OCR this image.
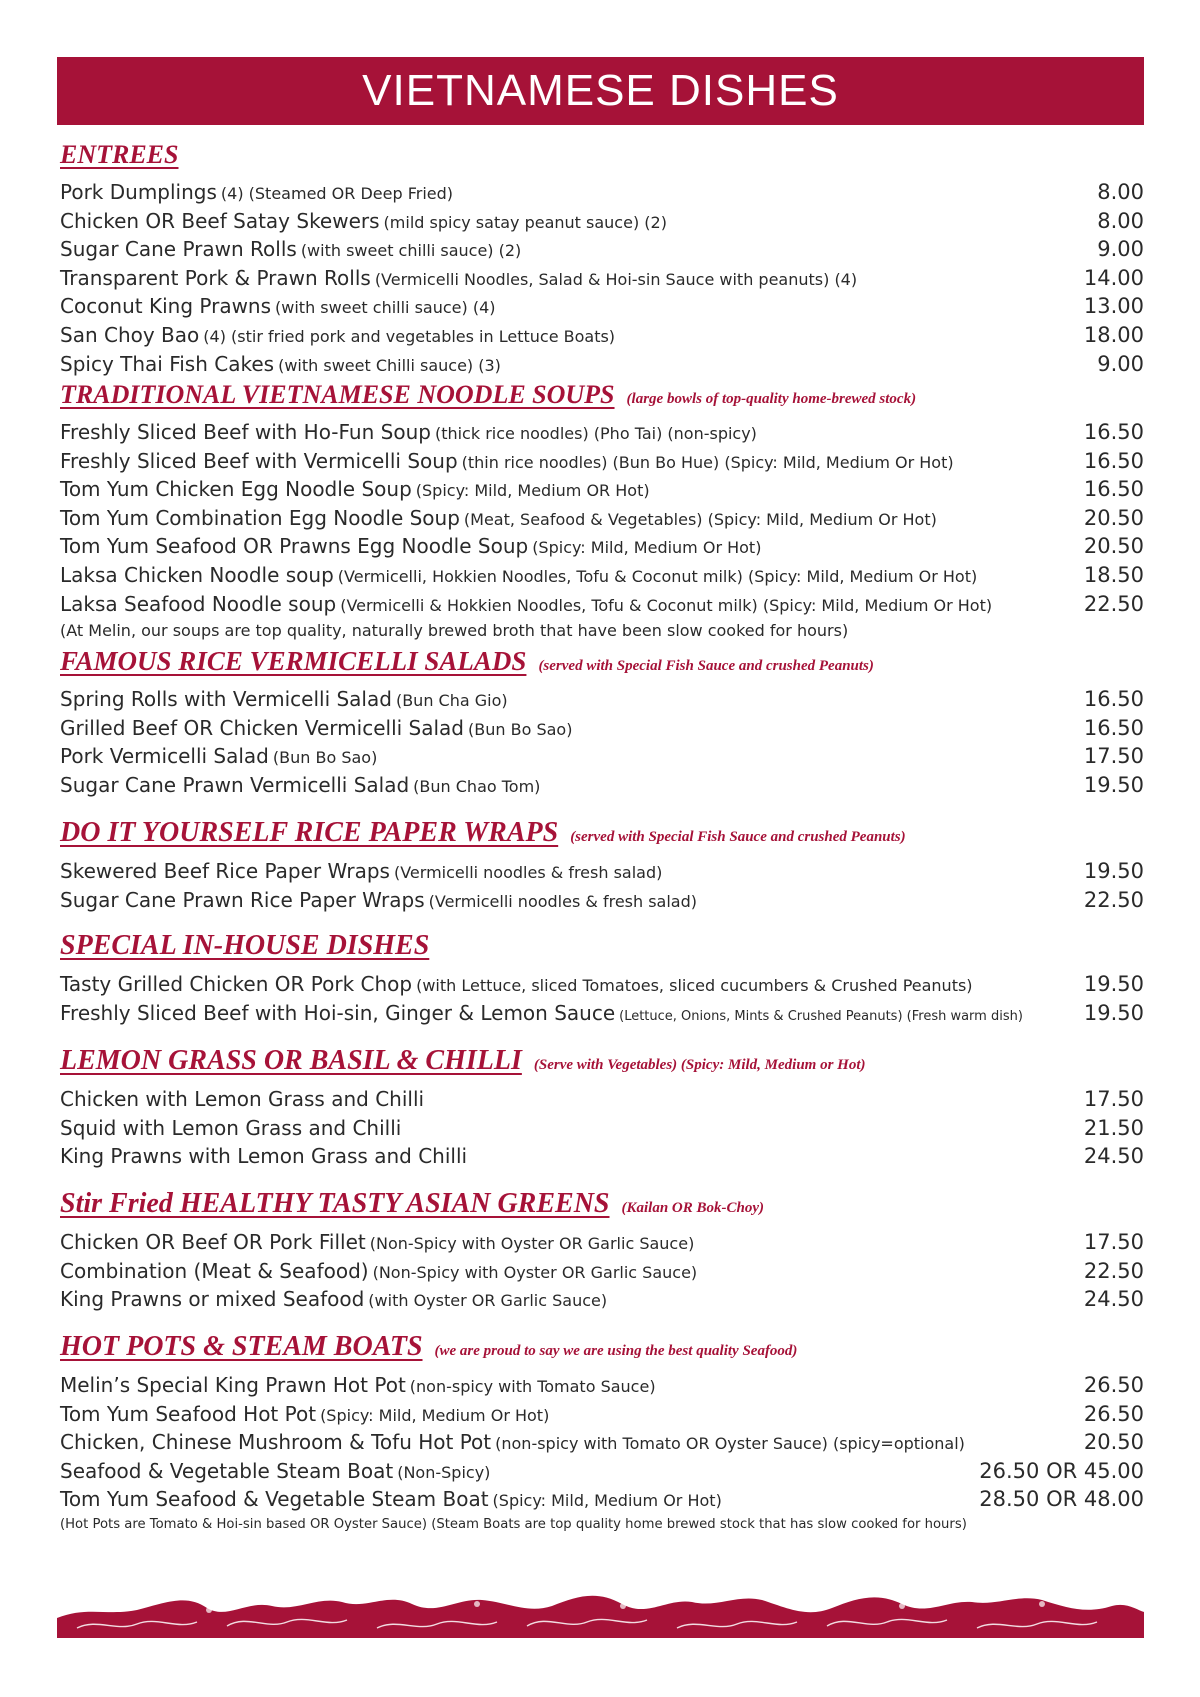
VIETNAMESE DISHES
ENTREES
Pork Dumplings (4) (Steamed OR Deep Fried)	8.00
Chicken OR Beef Satay Skewers (mild spicy satay peanut sauce) (2)	8.00
Sugar Cane Prawn Rolls (with sweet chilli sauce) (2)	9.00
Transparent Pork & Prawn Rolls (Vermicelli Noodles, Salad & Hoi-sin Sauce with peanuts) (4)	14.00
Coconut King Prawns (with sweet chilli sauce) (4)	13.00
San Choy Bao (4) (stir fried pork and vegetables in Lettuce Boats)	18.00
Spicy Thai Fish Cakes (with sweet Chilli sauce) (3)	9.00
TRADITIONAL VIETNAMESE NOODLE SOUPS (large bowls of top-quality home-brewed stock)
Freshly Sliced Beef with Ho-Fun Soup (thick rice noodles) (Pho Tai) (non-spicy)	16.50
Freshly Sliced Beef with Vermicelli Soup (thin rice noodles) (Bun Bo Hue) (Spicy: Mild, Medium Or Hot)	16.50
Tom Yum Chicken Egg Noodle Soup (Spicy: Mild, Medium OR Hot)	16.50
Tom Yum Combination Egg Noodle Soup (Meat, Seafood & Vegetables) (Spicy: Mild, Medium Or Hot)	20.50
Tom Yum Seafood OR Prawns Egg Noodle Soup (Spicy: Mild, Medium Or Hot)	20.50
Laksa Chicken Noodle soup (Vermicelli, Hokkien Noodles, Tofu & Coconut milk) (Spicy: Mild, Medium Or Hot)	18.50
Laksa Seafood Noodle soup (Vermicelli & Hokkien Noodles, Tofu & Coconut milk) (Spicy: Mild, Medium Or Hot)	22.50
(At Melin, our soups are top quality, naturally brewed broth that have been slow cooked for hours)
FAMOUS RICE VERMICELLI SALADS (served with Special Fish Sauce and crushed Peanuts)
Spring Rolls with Vermicelli Salad (Bun Cha Gio)	16.50
Grilled Beef OR Chicken Vermicelli Salad (Bun Bo Sao)	16.50
Pork Vermicelli Salad (Bun Bo Sao)	17.50
Sugar Cane Prawn Vermicelli Salad (Bun Chao Tom)	19.50
DO IT YOURSELF RICE PAPER WRAPS (served with Special Fish Sauce and crushed Peanuts)
Skewered Beef Rice Paper Wraps (Vermicelli noodles & fresh salad)	19.50
Sugar Cane Prawn Rice Paper Wraps (Vermicelli noodles & fresh salad)	22.50
SPECIAL IN-HOUSE DISHES
Tasty Grilled Chicken OR Pork Chop (with Lettuce, sliced Tomatoes, sliced cucumbers & Crushed Peanuts)	19.50
Freshly Sliced Beef with Hoi-sin, Ginger & Lemon Sauce (Lettuce, Onions, Mints & Crushed Peanuts) (Fresh warm dish)	19.50
LEMON GRASS OR BASIL & CHILLI (Serve with Vegetables) (Spicy: Mild, Medium or Hot)
Chicken with Lemon Grass and Chilli	17.50
Squid with Lemon Grass and Chilli	21.50
King Prawns with Lemon Grass and Chilli	24.50
Stir Fried HEALTHY TASTY ASIAN GREENS (Kailan OR Bok-Choy)
Chicken OR Beef OR Pork Fillet (Non-Spicy with Oyster OR Garlic Sauce)	17.50
Combination (Meat & Seafood) (Non-Spicy with Oyster OR Garlic Sauce)	22.50
King Prawns or mixed Seafood (with Oyster OR Garlic Sauce)	24.50
HOT POTS & STEAM BOATS (we are proud to say we are using the best quality Seafood)
Melin’s Special King Prawn Hot Pot (non-spicy with Tomato Sauce)	26.50
Tom Yum Seafood Hot Pot (Spicy: Mild, Medium Or Hot)	26.50
Chicken, Chinese Mushroom & Tofu Hot Pot (non-spicy with Tomato OR Oyster Sauce) (spicy=optional)	20.50
Seafood & Vegetable Steam Boat (Non-Spicy)	26.50 OR 45.00
Tom Yum Seafood & Vegetable Steam Boat (Spicy: Mild, Medium Or Hot)	28.50 OR 48.00
(Hot Pots are Tomato & Hoi-sin based OR Oyster Sauce) (Steam Boats are top quality home brewed stock that has slow cooked for hours)
